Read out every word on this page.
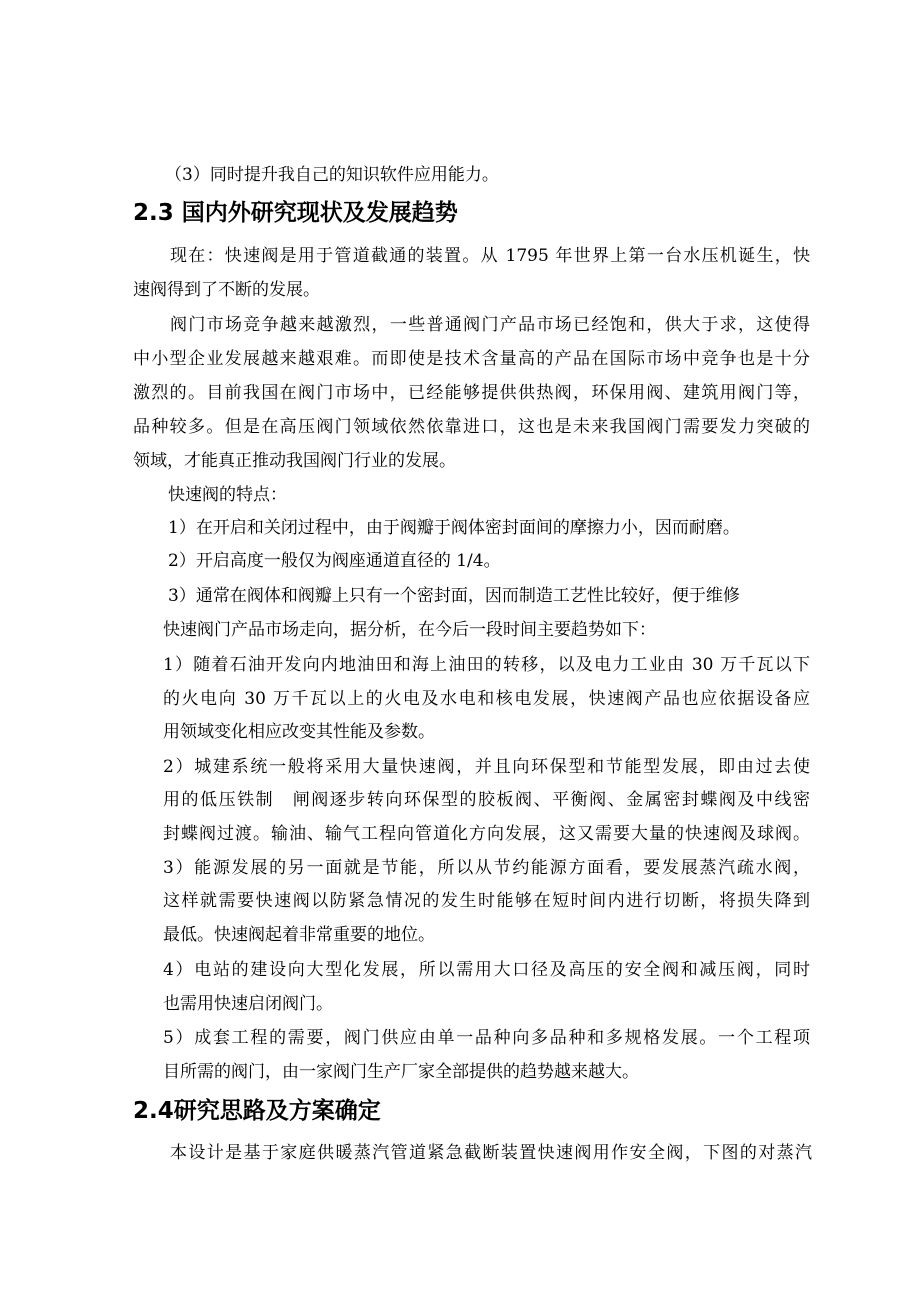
（3）同时提升我自己的知识软件应用能力。
2.3 国内外研究现状及发展趋势
现在：快速阀是用于管道截通的装置。从 1795 年世界上第一台水压机诞生，快
速阀得到了不断的发展。
阀门市场竞争越来越激烈，一些普通阀门产品市场已经饱和，供大于求，这使得
中小型企业发展越来越艰难。而即使是技术含量高的产品在国际市场中竞争也是十分
激烈的。目前我国在阀门市场中，已经能够提供供热阀，环保用阀、建筑用阀门等，
品种较多。但是在高压阀门领域依然依靠进口，这也是未来我国阀门需要发力突破的
领域，才能真正推动我国阀门行业的发展。
快速阀的特点：
1）在开启和关闭过程中，由于阀瓣于阀体密封面间的摩擦力小，因而耐磨。
2）开启高度一般仅为阀座通道直径的 1/4。
3）通常在阀体和阀瓣上只有一个密封面，因而制造工艺性比较好，便于维修
快速阀门产品市场走向，据分析，在今后一段时间主要趋势如下：
1）随着石油开发向内地油田和海上油田的转移，以及电力工业由 30 万千瓦以下
的火电向 30 万千瓦以上的火电及水电和核电发展，快速阀产品也应依据设备应
用领域变化相应改变其性能及参数。
2）城建系统一般将采用大量快速阀，并且向环保型和节能型发展，即由过去使
用的低压铁制　闸阀逐步转向环保型的胶板阀、平衡阀、金属密封蝶阀及中线密
封蝶阀过渡。输油、输气工程向管道化方向发展，这又需要大量的快速阀及球阀。
3）能源发展的另一面就是节能，所以从节约能源方面看，要发展蒸汽疏水阀，
这样就需要快速阀以防紧急情况的发生时能够在短时间内进行切断，将损失降到
最低。快速阀起着非常重要的地位。
4）电站的建设向大型化发展，所以需用大口径及高压的安全阀和减压阀，同时
也需用快速启闭阀门。
5）成套工程的需要，阀门供应由单一品种向多品种和多规格发展。一个工程项
目所需的阀门，由一家阀门生产厂家全部提供的趋势越来越大。
2.4研究思路及方案确定
本设计是基于家庭供暖蒸汽管道紧急截断装置快速阀用作安全阀，下图的对蒸汽
